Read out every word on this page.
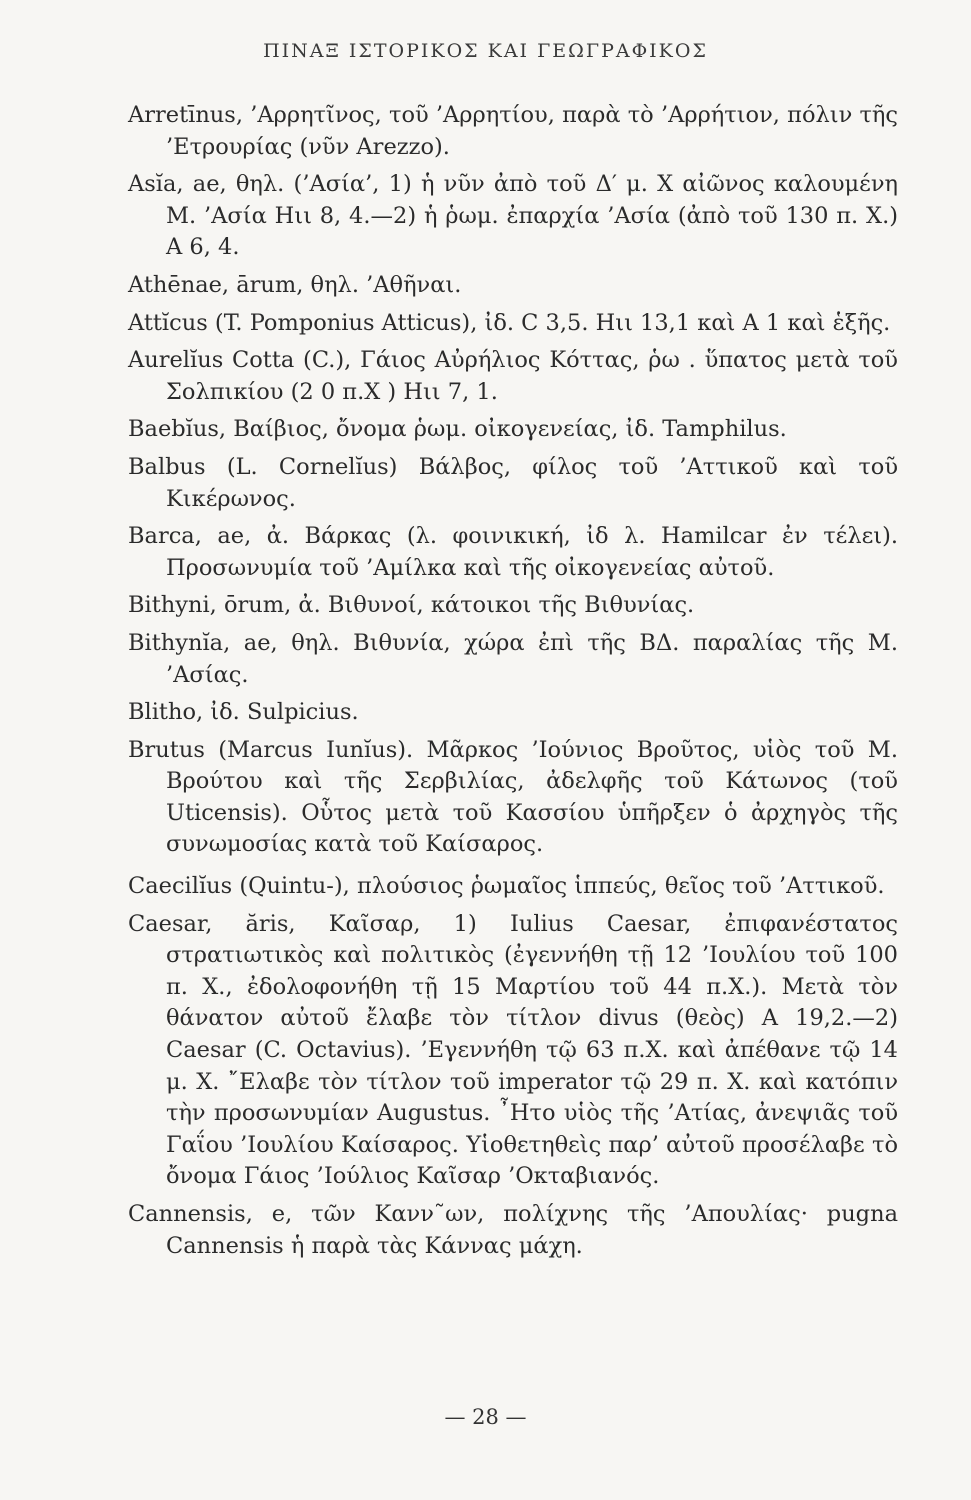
ΠΙΝΑΞ ΙΣΤΟΡΙΚΟΣ ΚΑΙ ΓΕΩΓΡΑΦΙΚΟΣ

Arretīnus, ’Αρρητῖνος, τοῦ ’Αρρητίου, παρὰ τὸ ’Αρρήτιον, πόλιν τῆς ’Ετρουρίας (νῦν Arezzo).

Asĭa, ae, θηλ. (’Ασία’, 1) ἡ νῦν ἀπὸ τοῦ Δ′ μ. Χ αἰῶνος καλουμένη Μ. ’Ασία Ηιι 8, 4.—2) ἡ ῥωμ. ἐπαρχία ’Ασία (ἀπὸ τοῦ 130 π. Χ.) Α 6, 4.

Athēnae, ārum, θηλ. ’Αθῆναι.

Attĭcus (T. Pomponius Atticus), ἰδ. C 3,5. Ηιι 13,1 καὶ Α 1 καὶ ἑξῆς.

Aurelĭus Cotta (C.), Γάιος Αὐρήλιος Κόττας, ῥω . ὕπατος μετὰ τοῦ Σολπικίου (2 0 π.Χ ) Ηιι 7, 1.

Baebĭus, Βαίβιος, ὄνομα ῥωμ. οἰκογενείας, ἰδ. Tamphilus.

Balbus (L. Cornelĭus) Βάλβος, φίλος τοῦ ’Αττικοῦ καὶ τοῦ Κικέρωνος.

Barca, ae, ἀ. Βάρκας (λ. φοινικική, ἰδ λ. Hamilcar ἐν τέλει). Προσωνυμία τοῦ ’Αμίλκα καὶ τῆς οἰκογενείας αὐτοῦ.

Bithyni, ōrum, ἀ. Βιθυνοί, κάτοικοι τῆς Βιθυνίας.

Bithynĭa, ae, θηλ. Βιθυνία, χώρα ἐπὶ τῆς ΒΔ. παραλίας τῆς Μ. ’Ασίας.

Blitho, ἰδ. Sulpicius.

Brutus (Marcus Iunĭus). Μᾶρκος ’Ιούνιος Βροῦτος, υἱὸς τοῦ Μ. Βρούτου καὶ τῆς Σερβιλίας, ἀδελφῆς τοῦ Κάτωνος (τοῦ Uticensis). Οὗτος μετὰ τοῦ Κασσίου ὑπῆρξεν ὁ ἀρχηγὸς τῆς συνωμοσίας κατὰ τοῦ Καίσαρος.

Caecilĭus (Quintu-), πλούσιος ῥωμαῖος ἱππεύς, θεῖος τοῦ ’Αττικοῦ.

Caesar, ăris, Καῖσαρ, 1) Iulius Caesar, ἐπιφανέστατος στρατιωτικὸς καὶ πολιτικὸς (ἐγεννήθη τῇ 12 ’Ιουλίου τοῦ 100 π. Χ., ἐδολοφονήθη τῇ 15 Μαρτίου τοῦ 44 π.Χ.). Μετὰ τὸν θάνατον αὐτοῦ ἔλαβε τὸν τίτλον divus (θεὸς) Α 19,2.—2) Caesar (C. Octavius). ’Εγεννήθη τῷ 63 π.Χ. καὶ ἀπέθανε τῷ 14 μ. Χ. ῎Ελαβε τὸν τίτλον τοῦ imperator τῷ 29 π. Χ. καὶ κατόπιν τὴν προσωνυμίαν Augustus. ῏Ητο υἱὸς τῆς ’Ατίας, ἀνεψιᾶς τοῦ Γαΐου ’Ιουλίου Καίσαρος. Υἱοθετηθεὶς παρ’ αὐτοῦ προσέλαβε τὸ ὄνομα Γάιος ’Ιούλιος Καῖσαρ ’Οκταβιανός.

Cannensis, e, τῶν Κανν῀ων, πολίχνης τῆς ’Απουλίας· pugna Cannensis ἡ παρὰ τὰς Κάννας μάχη.

— 28 —
